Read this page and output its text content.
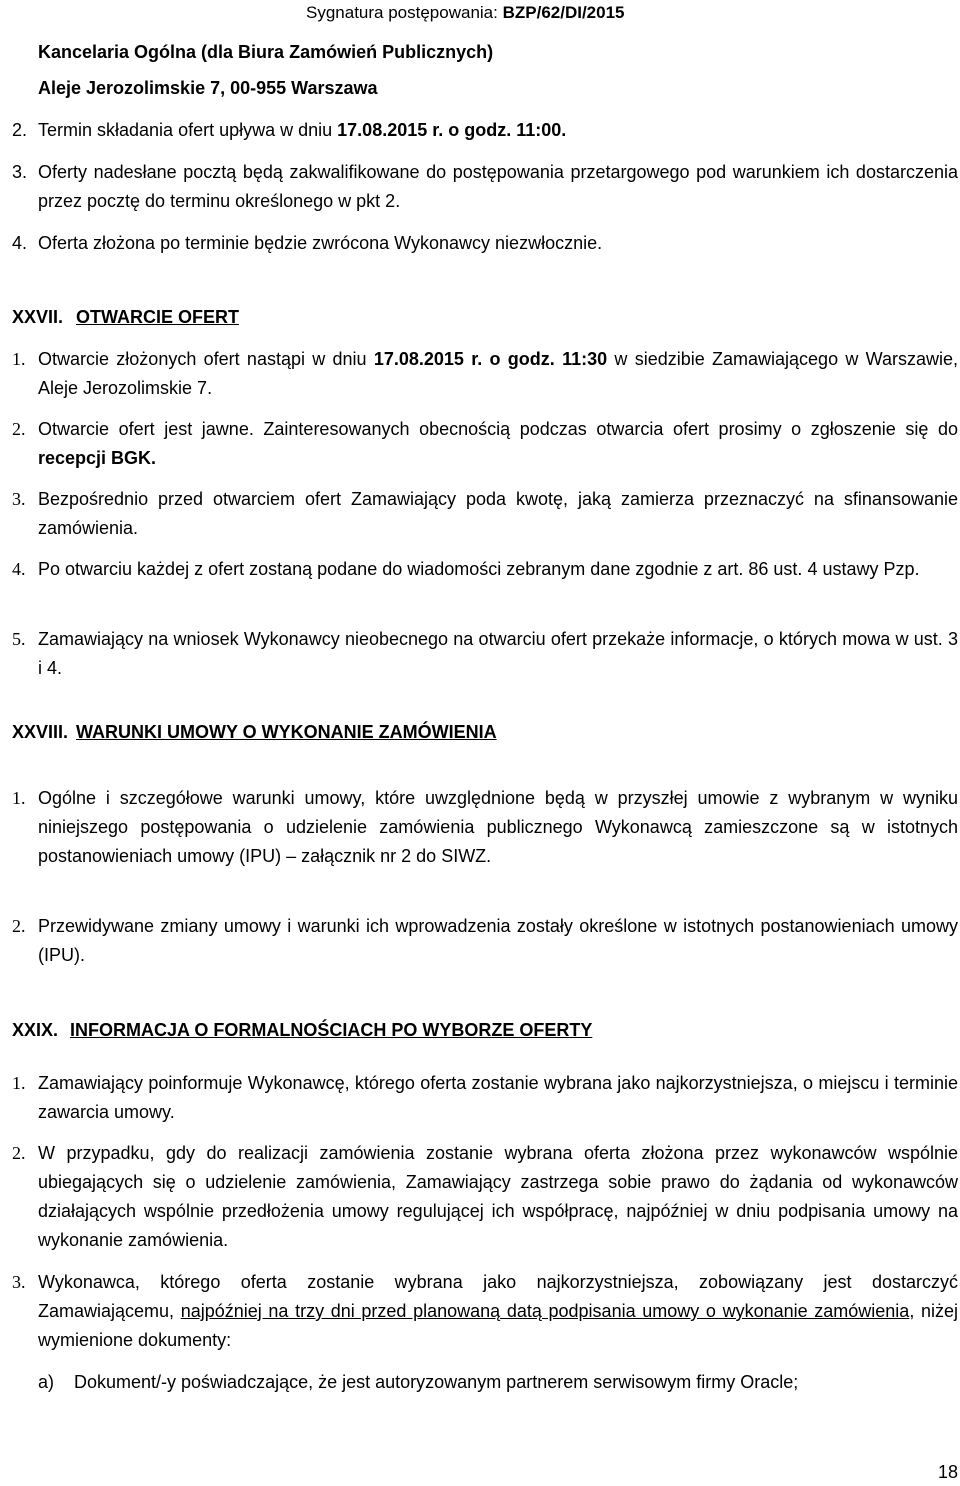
Sygnatura postępowania: BZP/62/DI/2015
Kancelaria Ogólna (dla Biura Zamówień Publicznych)
Aleje Jerozolimskie 7, 00-955 Warszawa
2. Termin składania ofert upływa w dniu 17.08.2015 r. o godz. 11:00.
3. Oferty nadesłane pocztą będą zakwalifikowane do postępowania przetargowego pod warunkiem ich dostarczenia przez pocztę do terminu określonego w pkt 2.
4. Oferta złożona po terminie będzie zwrócona Wykonawcy niezwłocznie.
XXVII. OTWARCIE OFERT
1. Otwarcie złożonych ofert nastąpi w dniu 17.08.2015 r. o godz. 11:30 w siedzibie Zamawiającego w Warszawie, Aleje Jerozolimskie 7.
2. Otwarcie ofert jest jawne. Zainteresowanych obecnością podczas otwarcia ofert prosimy o zgłoszenie się do recepcji BGK.
3. Bezpośrednio przed otwarciem ofert Zamawiający poda kwotę, jaką zamierza przeznaczyć na sfinansowanie zamówienia.
4. Po otwarciu każdej z ofert zostaną podane do wiadomości zebranym dane zgodnie z art. 86 ust. 4 ustawy Pzp.
5. Zamawiający na wniosek Wykonawcy nieobecnego na otwarciu ofert przekaże informacje, o których mowa w ust. 3 i 4.
XXVIII. WARUNKI UMOWY O WYKONANIE ZAMÓWIENIA
1. Ogólne i szczegółowe warunki umowy, które uwzględnione będą w przyszłej umowie z wybranym w wyniku niniejszego postępowania o udzielenie zamówienia publicznego Wykonawcą zamieszczone są w istotnych postanowieniach umowy (IPU) – załącznik nr 2 do SIWZ.
2. Przewidywane zmiany umowy i warunki ich wprowadzenia zostały określone w istotnych postanowieniach umowy (IPU).
XXIX. INFORMACJA O FORMALNOŚCIACH PO WYBORZE OFERTY
1. Zamawiający poinformuje Wykonawcę, którego oferta zostanie wybrana jako najkorzystniejsza, o miejscu i terminie zawarcia umowy.
2. W przypadku, gdy do realizacji zamówienia zostanie wybrana oferta złożona przez wykonawców wspólnie ubiegających się o udzielenie zamówienia, Zamawiający zastrzega sobie prawo do żądania od wykonawców działających wspólnie przedłożenia umowy regulującej ich współpracę, najpóźniej w dniu podpisania umowy na wykonanie zamówienia.
3. Wykonawca, którego oferta zostanie wybrana jako najkorzystniejsza, zobowiązany jest dostarczyć Zamawiającemu, najpóźniej na trzy dni przed planowaną datą podpisania umowy o wykonanie zamówienia, niżej wymienione dokumenty:
a)	Dokument/-y poświadczające, że jest autoryzowanym partnerem serwisowym firmy Oracle;
18
